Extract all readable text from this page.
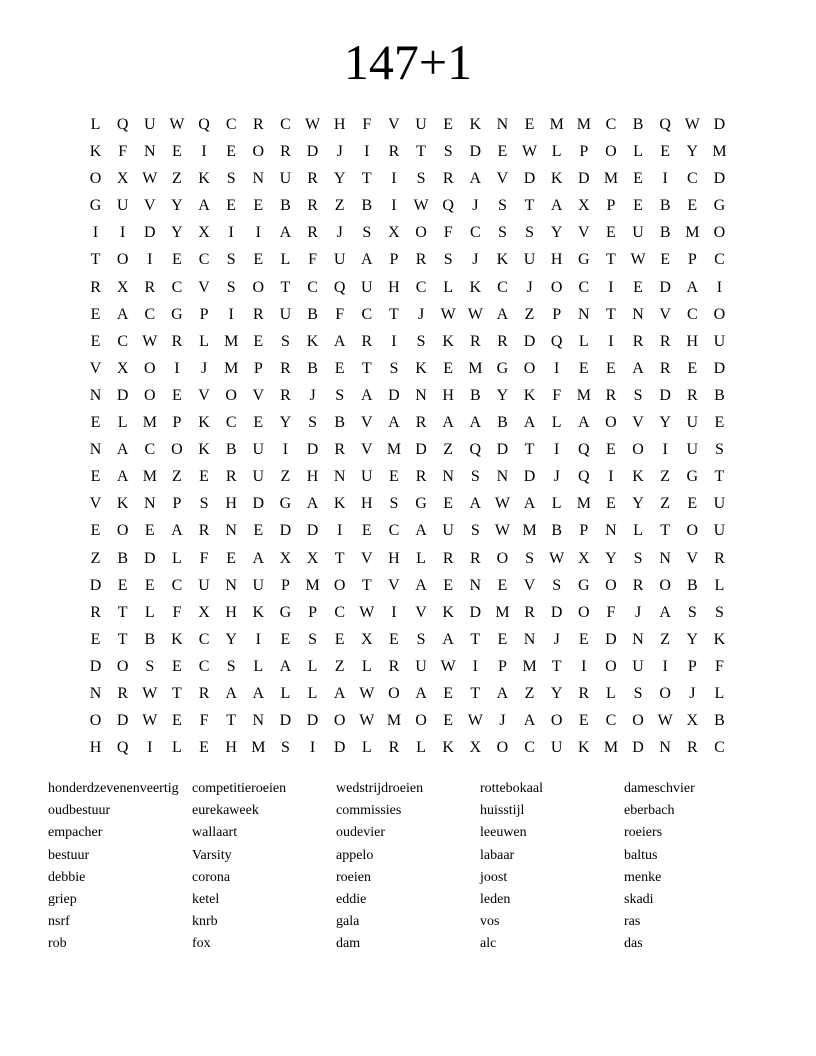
147+1
L	Q U W Q	C	R	C W H	F	V U	E	K N	E M M C	B	Q W D
K	F	N	E	I	E	O	R	D	J	I	R	T	S	D	E W L	P	O	L	E	Y M
O X W Z	K	S	N U	R	Y	T	I	S	R	A V D K D M E	I	C	D
G U V Y A	E	E	B	R	Z	B	I	W Q	J	S	T	A X	P	E	B	E	G
I	I	D Y X	I	I	A	R	J	S	X O	F	C	S	S	Y V	E	U	B M O
T	O	I	E	C	S	E	L	F	U A	P	R	S	J	K U H G	T W E	P	C
R	X	R	C	V	S	O	T	C	Q U H	C	L	K	C	J	O	C	I	E	D A	I
E	A	C	G	P	I	R	U	B	F	C	T	J	W W A	Z	P	N	T	N V	C	O
E	C W R	L M E	S	K A	R	I	S	K	R	R	D Q	L	I	R	R	H U
V X O	I	J	M P	R	B	E	T	S	K	E M G O	I	E	E	A	R	E	D
N D O	E	V O V	R	J	S	A D N H	B	Y K	F M R	S	D	R	B
E	L M P	K	C	E	Y	S	B	V A	R	A A	B	A	L	A O V Y U	E
N A	C	O K	B	U	I	D	R	V M D	Z	Q D	T	I	Q	E	O	I	U	S
E	A M Z	E	R	U	Z	H N U	E	R	N	S	N D	J	Q	I	K	Z	G	T
V K N	P	S	H D G A K H	S	G	E	A W A	L M E	Y	Z	E	U
E	O	E	A	R	N	E	D D	I	E	C	A U	S W M B	P	N	L	T	O U
Z	B	D	L	F	E	A X X	T	V H	L	R	R	O	S W X Y	S	N V	R
D	E	E	C	U N U	P M O	T	V A	E	N	E	V	S	G O	R	O	B	L
R	T	L	F	X H K G	P	C W	I	V K D M R	D O	F	J	A	S	S
E	T	B	K	C	Y	I	E	S	E	X	E	S	A	T	E	N	J	E	D N	Z	Y K
D O	S	E	C	S	L	A	L	Z	L	R	U W	I	P M T	I	O U	I	P	F
N	R W T	R	A A	L	L	A W O A	E	T	A	Z	Y	R	L	S	O	J	L
O D W E	F	T	N D D O W M O	E W	J	A O	E	C	O W X	B
H Q	I	L	E	H M S	I	D	L	R	L	K X O	C	U K M D N	R	C
honderdzevenenveertig
oudbestuur
empacher
bestuur
debbie
griep
nsrf
rob
competitieroeien
eurekaweek
wallaart
Varsity
corona
ketel
knrb
fox
wedstrijdroeien
commissies
oudevier
appelo
roeien
eddie
gala
dam
rottebokaal
huisstijl
leeuwen
labaar
joost
leden
vos
alc
dameschvier
eberbach
roeiers
baltus
menke
skadi
ras
das
